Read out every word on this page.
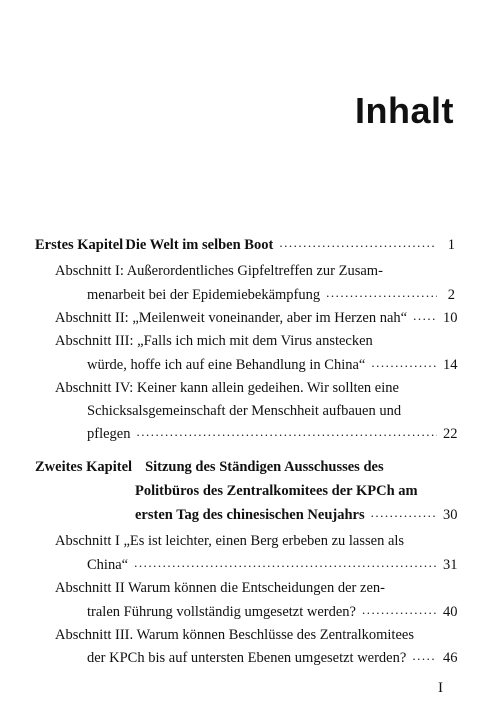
Inhalt
Erstes Kapitel Die Welt im selben Boot .....	1
Abschnitt I: Außerordentliches Gipfeltreffen zur Zusam-
menarbeit bei der Epidemiebekämpfung .....	2
Abschnitt II: „Meilenweit voneinander, aber im Herzen nah“ ..... 10
Abschnitt III: „Falls ich mich mit dem Virus anstecken
würde, hoffe ich auf eine Behandlung in China“ .....	14
Abschnitt IV: Keiner kann allein gedeihen. Wir sollten eine
Schicksalsgemeinschaft der Menschheit aufbauen und
pflegen .....	22
Zweites Kapitel Sitzung des Ständigen Ausschusses des
Politbüros des Zentralkomitees der KPCh am
ersten Tag des chinesischen Neujahrs .....	30
Abschnitt I „Es ist leichter, einen Berg erbeben zu lassen als
China“ .....	31
Abschnitt II Warum können die Entscheidungen der zen-
tralen Führung vollständig umgesetzt werden? .....	40
Abschnitt III. Warum können Beschlüsse des Zentralkomitees
der KPCh bis auf untersten Ebenen umgesetzt werden? .....	46
I
